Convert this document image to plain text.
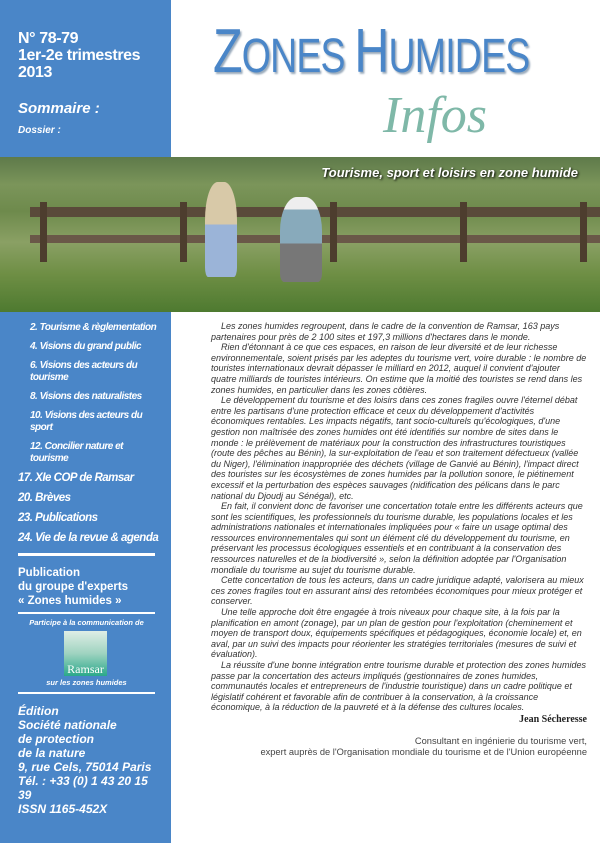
N° 78-79
1er-2e trimestres 2013
Sommaire :
Dossier :
2. Tourisme & règlementation
4. Visions du grand public
6. Visions des acteurs du tourisme
8. Visions des naturalistes
10. Visions des acteurs du sport
12. Concilier nature et tourisme
17. XIe COP de Ramsar
20. Brèves
23. Publications
24. Vie de la revue & agenda
Publication
du groupe d'experts
« Zones humides »
Participe à la communication de
Ramsar
sur les zones humides
Édition
Société nationale
de protection
de la nature
9, rue Cels, 75014 Paris
Tél. : +33 (0) 1 43 20 15 39
ISSN 1165-452X
ZONES HUMIDES
Infos
Tourisme, sport et loisirs en zone humide

Les zones humides regroupent, dans le cadre de la convention de Ramsar, 163 pays partenaires pour près de 2 100 sites et 197,3 millions d'hectares dans le monde.

Rien d'étonnant à ce que ces espaces, en raison de leur diversité et de leur richesse environnementale, soient prisés par les adeptes du tourisme vert, voire durable : le nombre de touristes internationaux devrait dépasser le milliard en 2012, auquel il convient d'ajouter quatre milliards de touristes intérieurs. On estime que la moitié des touristes se rend dans les zones humides, en particulier dans les zones côtières.

Le développement du tourisme et des loisirs dans ces zones fragiles ouvre l'éternel débat entre les partisans d'une protection efficace et ceux du développement d'activités économiques rentables. Les impacts négatifs, tant socio-culturels qu'écologiques, d'une gestion non maîtrisée des zones humides ont été identifiés sur nombre de sites dans le monde : le prélèvement de matériaux pour la construction des infrastructures touristiques (route des pêches au Bénin), la sur-exploitation de l'eau et son traitement défectueux (vallée du Niger), l'élimination inappropriée des déchets (village de Ganvié au Bénin), l'impact direct des touristes sur les écosystèmes de zones humides par la pollution sonore, le piétinement excessif et la perturbation des espèces sauvages (nidification des pélicans dans le parc national du Djoudj au Sénégal), etc.

En fait, il convient donc de favoriser une concertation totale entre les différents acteurs que sont les scientifiques, les professionnels du tourisme durable, les populations locales et les administrations nationales et internationales impliquées pour « faire un usage optimal des ressources environnementales qui sont un élément clé du développement du tourisme, en préservant les processus écologiques essentiels et en contribuant à la conservation des ressources naturelles et de la biodiversité », selon la définition adoptée par l'Organisation mondiale du tourisme au sujet du tourisme durable.

Cette concertation de tous les acteurs, dans un cadre juridique adapté, valorisera au mieux ces zones fragiles tout en assurant ainsi des retombées économiques pour mieux protéger et conserver.

Une telle approche doit être engagée à trois niveaux pour chaque site, à la fois par la planification en amont (zonage), par un plan de gestion pour l'exploitation (cheminement et moyen de transport doux, équipements spécifiques et pédagogiques, économie locale) et, en aval, par un suivi des impacts pour réorienter les stratégies territoriales (mesures de suivi et évaluation).

La réussite d'une bonne intégration entre tourisme durable et protection des zones humides passe par la concertation des acteurs impliqués (gestionnaires de zones humides, communautés locales et entrepreneurs de l'industrie touristique) dans un cadre politique et législatif cohérent et favorable afin de contribuer à la conservation, à la croissance économique, à la réduction de la pauvreté et à la défense des cultures locales.

Jean Sécheresse
Consultant en ingénierie du tourisme vert,
expert auprès de l'Organisation mondiale du tourisme et de l'Union européenne
